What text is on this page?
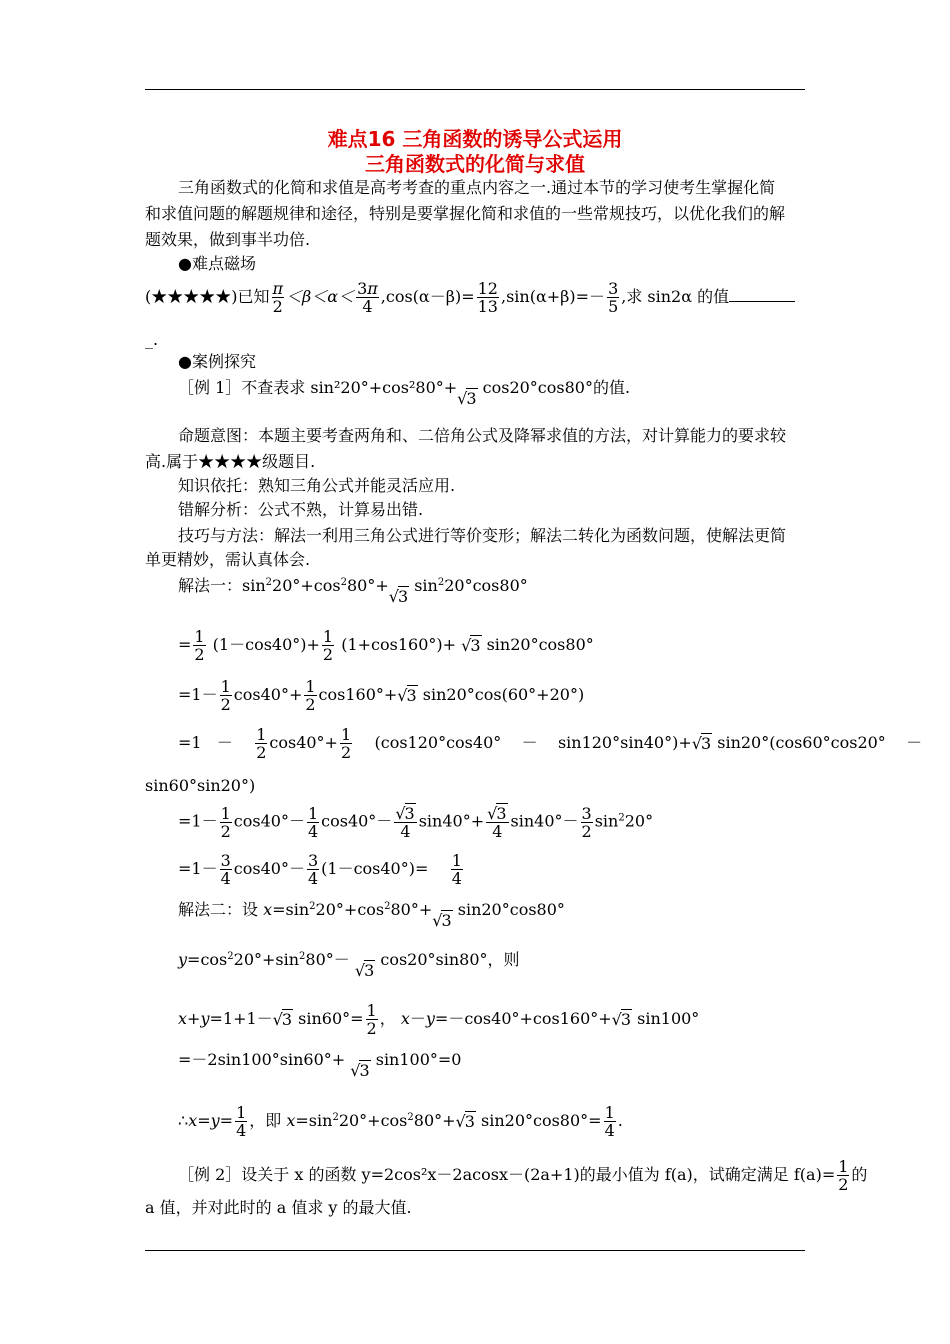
难点16 三角函数的诱导公式运用
三角函数式的化简与求值
三角函数式的化简和求值是高考考查的重点内容之一.通过本节的学习使考生掌握化简
和求值问题的解题规律和途径，特别是要掌握化简和求值的一些常规技巧，以优化我们的解
题效果，做到事半功倍.
●难点磁场
(★★★★★)已知 $\frac{\pi}{2} <\beta<\alpha< \frac{3\pi}{4} ,\cos(\alpha-\beta)= \frac{12}{13} ,\sin(\alpha+\beta)=- \frac{3}{5}$ ,求 sin2α 的值
_.
●案例探究
［例 1］不查表求 sin²20°+cos²80°+√3 cos20°cos80°的值.
命题意图：本题主要考查两角和、二倍角公式及降幂求值的方法，对计算能力的要求较
高.属于★★★★级题目.
知识依托：熟知三角公式并能灵活应用.
错解分析：公式不熟，计算易出错.
技巧与方法：解法一利用三角公式进行等价变形；解法二转化为函数问题，使解法更简
单更精妙，需认真体会.
解法一：$\sin^220^\circ+\cos^280^\circ+√3$ $\sin^220^\circ\cos 80^\circ$
= $\frac{1}{2} (1-\cos 40^\circ)+ \frac{1}{2} (1+\cos 160^\circ)+ √3$ sin20°cos80°
$=1- \frac{1}{2} \cos 40^\circ+ \frac{1}{2} \cos 160^\circ+√3$ sin20°cos(60°+20°)
$=1 - \frac{1}{2} \cos 40^\circ+ \frac{1}{2} (\cos 120^\circ\cos 40^\circ$    －    sin120°sin40°)+√3 sin20°(cos60°cos20°    －
sin60°sin20°)
$=1- \frac{1}{2} \cos 40^\circ- \frac{1}{4} \cos 40^\circ- \frac{√3}{4} \sin 40^\circ+ \frac{√3}{4} \sin 40^\circ- \frac{3}{2} \sin^220^\circ$
$=1- \frac{3}{4} \cos 40^\circ- \frac{3}{4} (1-\cos 40^\circ)= \frac{1}{4}$
解法二：设 $x=\sin^220^\circ+\cos^280^\circ+√3$ sin20°cos80°
$y=\cos^220^\circ+\sin^280^\circ- √3$ cos20°sin80°，则
x+y=1+1－√3 $\sin 60^\circ= \frac{1}{2}$ ， x－y=－cos40°+cos160°+√3 sin100°
=－2sin100°sin60°+ √3 sin100°=0
∴x=y= $\frac{1}{4}$ ，即 $x=\sin^220^\circ+\cos^280^\circ+√3$ $\sin 20^\circ\cos 80^\circ= \frac{1}{4}$ .
［例 2］设关于 x 的函数 y=2cos²x－2acosx－(2a+1)的最小值为 f(a)，试确定满足 $f(a)= \frac{1}{2}$ 的
a 值，并对此时的 a 值求 y 的最大值.
